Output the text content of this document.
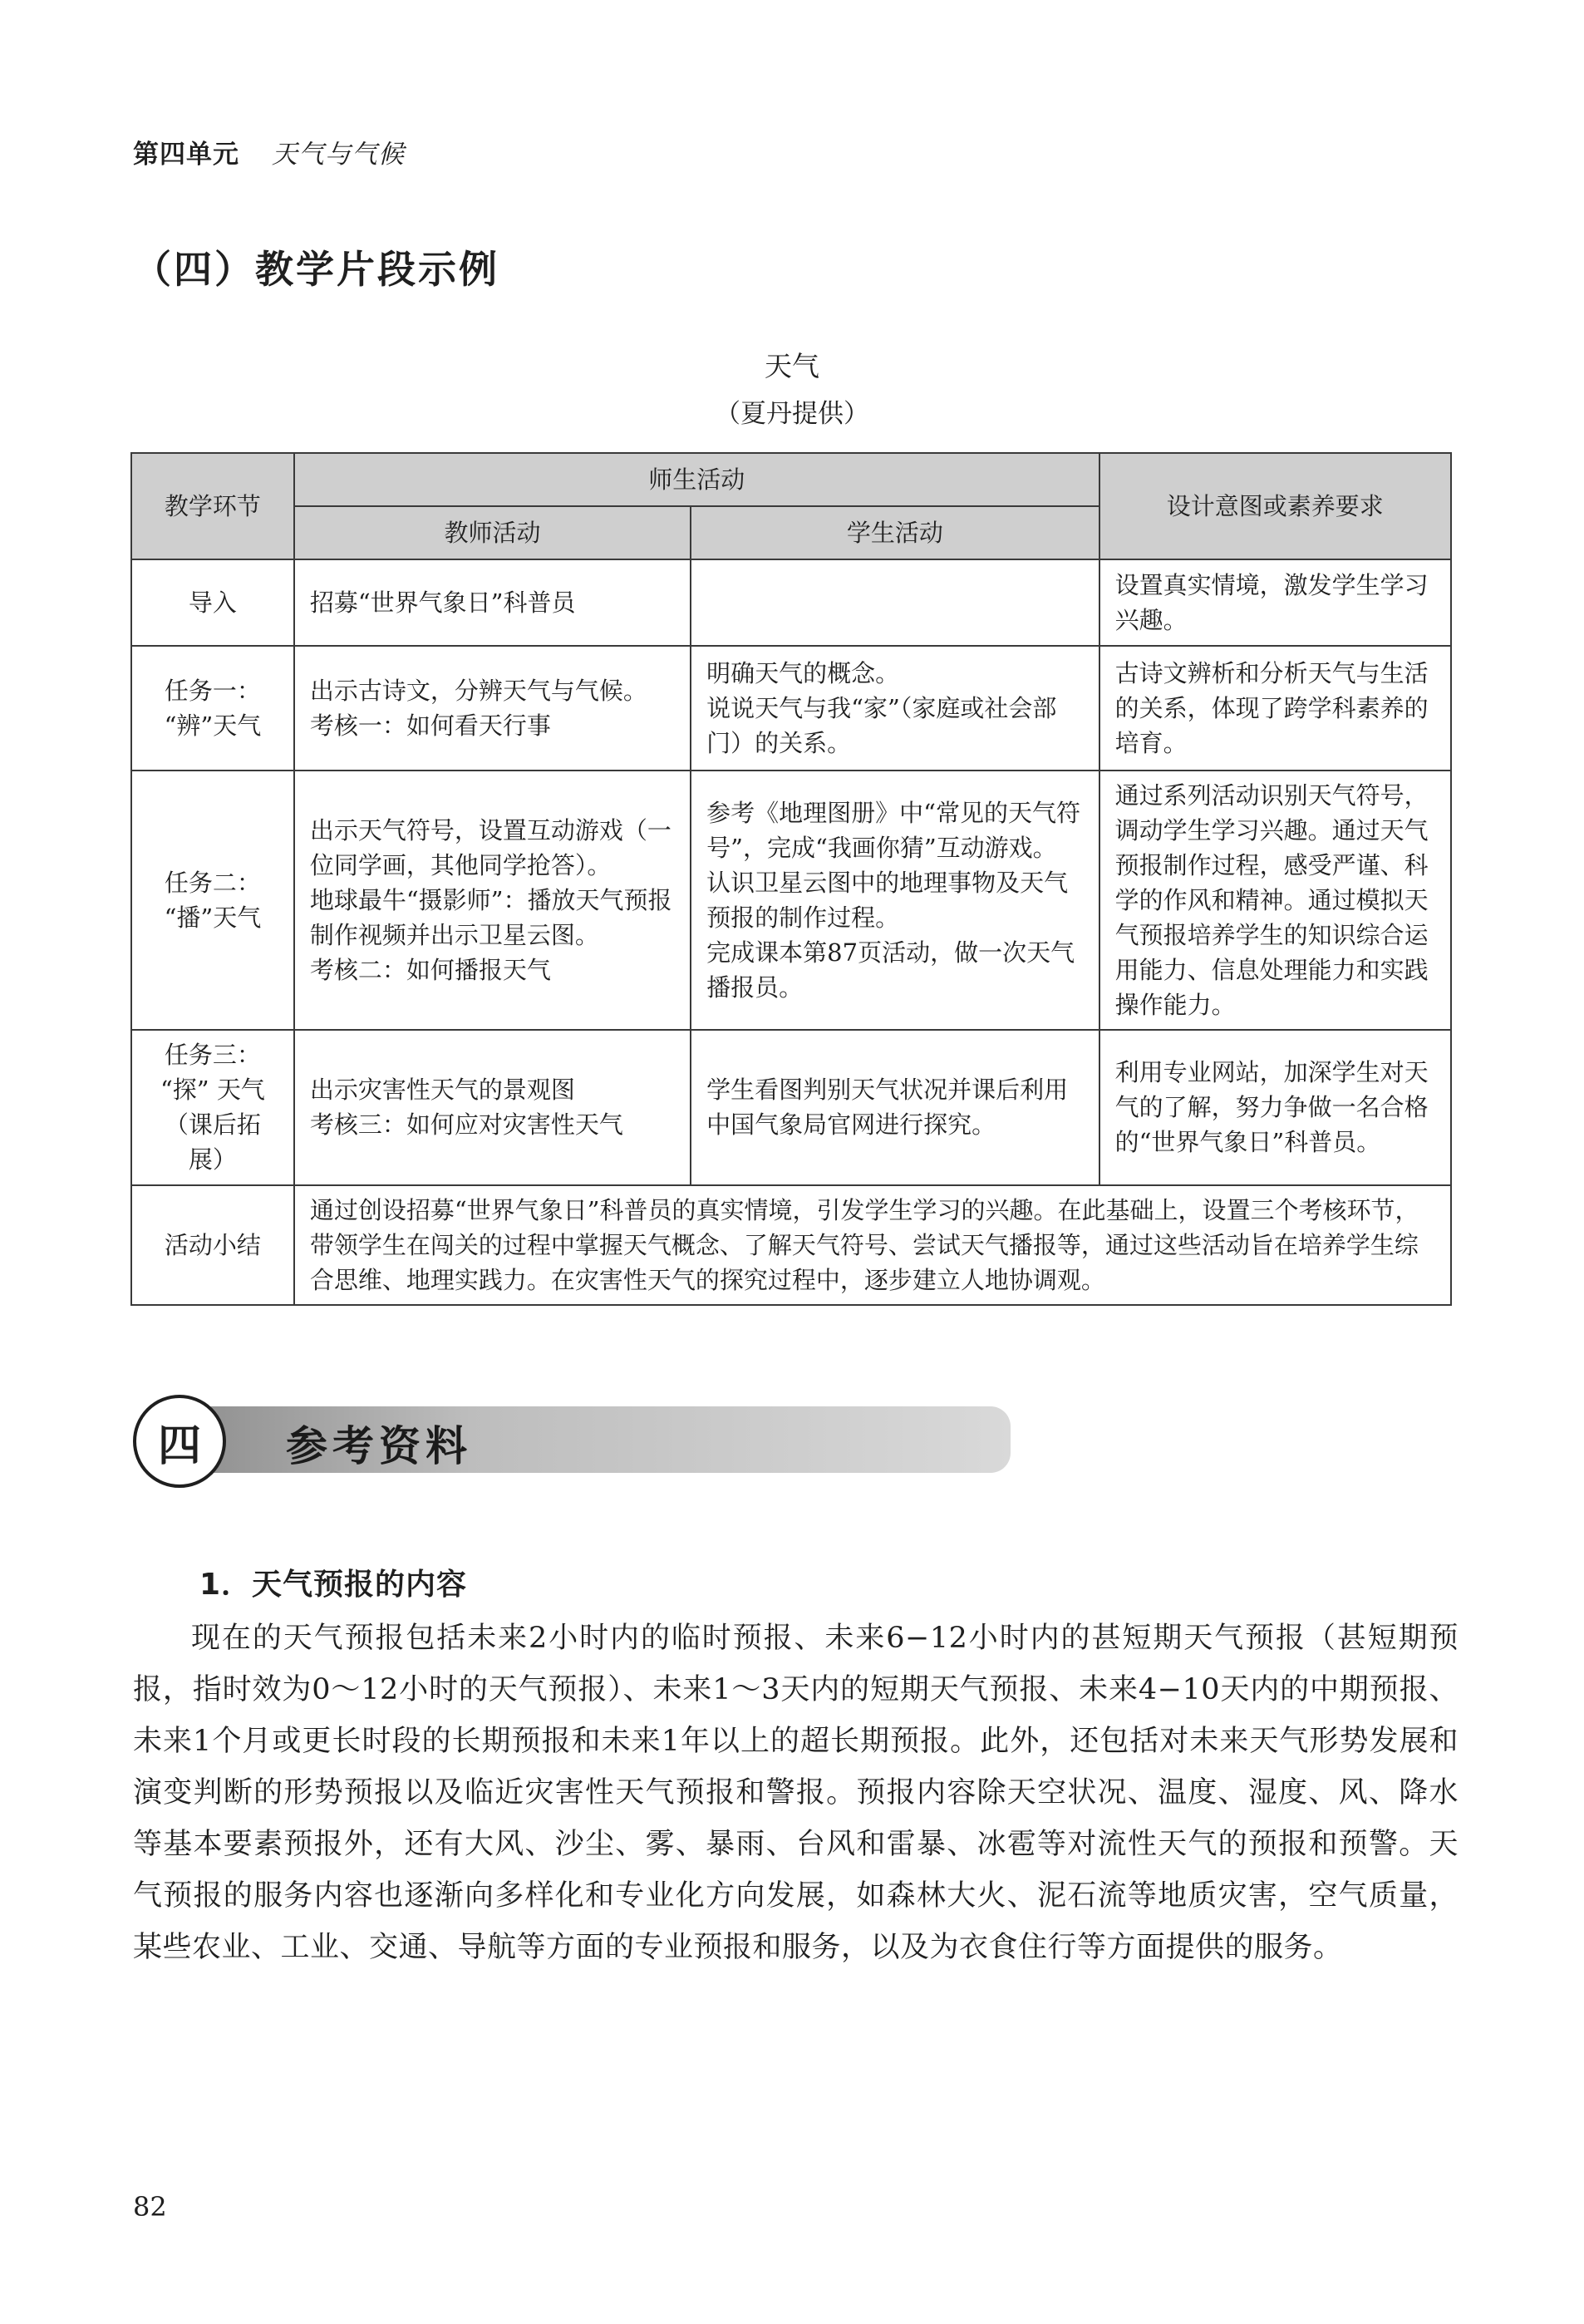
第四单元 天气与气候
（四）教学片段示例
天气
（夏丹提供）
教学环节	师生活动		设计意图或素养要求
	教师活动	学生活动	

导入	招募“世界气象日”科普员		设置真实情境，激发学生学习兴趣。

任务一：
“辨”天气	出示古诗文，分辨天气与气候。
考核一：如何看天行事	明确天气的概念。
说说天气与我“家”（家庭或社会部门）的关系。	古诗文辨析和分析天气与生活的关系，体现了跨学科素养的培育。

任务二：
“播”天气	出示天气符号，设置互动游戏（一位同学画，其他同学抢答）。
地球最牛“摄影师”：播放天气预报制作视频并出示卫星云图。
考核二：如何播报天气	参考《地理图册》中“常见的天气符号”，完成“我画你猜”互动游戏。
认识卫星云图中的地理事物及天气预报的制作过程。
完成课本第87页活动，做一次天气播报员。	通过系列活动识别天气符号，调动学生学习兴趣。通过天气预报制作过程，感受严谨、科学的作风和精神。通过模拟天气预报培养学生的知识综合运用能力、信息处理能力和实践操作能力。

任务三：
“探” 天气
（课后拓展）	出示灾害性天气的景观图
考核三：如何应对灾害性天气	学生看图判别天气状况并课后利用中国气象局官网进行探究。	利用专业网站，加深学生对天气的了解，努力争做一名合格的“世界气象日”科普员。

活动小结	通过创设招募“世界气象日”科普员的真实情境，引发学生学习的兴趣。在此基础上，设置三个考核环节，带领学生在闯关的过程中掌握天气概念、了解天气符号、尝试天气播报等，通过这些活动旨在培养学生综合思维、地理实践力。在灾害性天气的探究过程中，逐步建立人地协调观。		
四	参考资料
1．天气预报的内容
现在的天气预报包括未来2小时内的临时预报、未来6−12小时内的甚短期天气预报（甚短期预报，指时效为0～12小时的天气预报）、未来1～3天内的短期天气预报、未来4−10天内的中期预报、未来1个月或更长时段的长期预报和未来1年以上的超长期预报。此外，还包括对未来天气形势发展和演变判断的形势预报以及临近灾害性天气预报和警报。预报内容除天空状况、温度、湿度、风、降水等基本要素预报外，还有大风、沙尘、雾、暴雨、台风和雷暴、冰雹等对流性天气的预报和预警。天气预报的服务内容也逐渐向多样化和专业化方向发展，如森林大火、泥石流等地质灾害，空气质量，某些农业、工业、交通、导航等方面的专业预报和服务，以及为衣食住行等方面提供的服务。
82
